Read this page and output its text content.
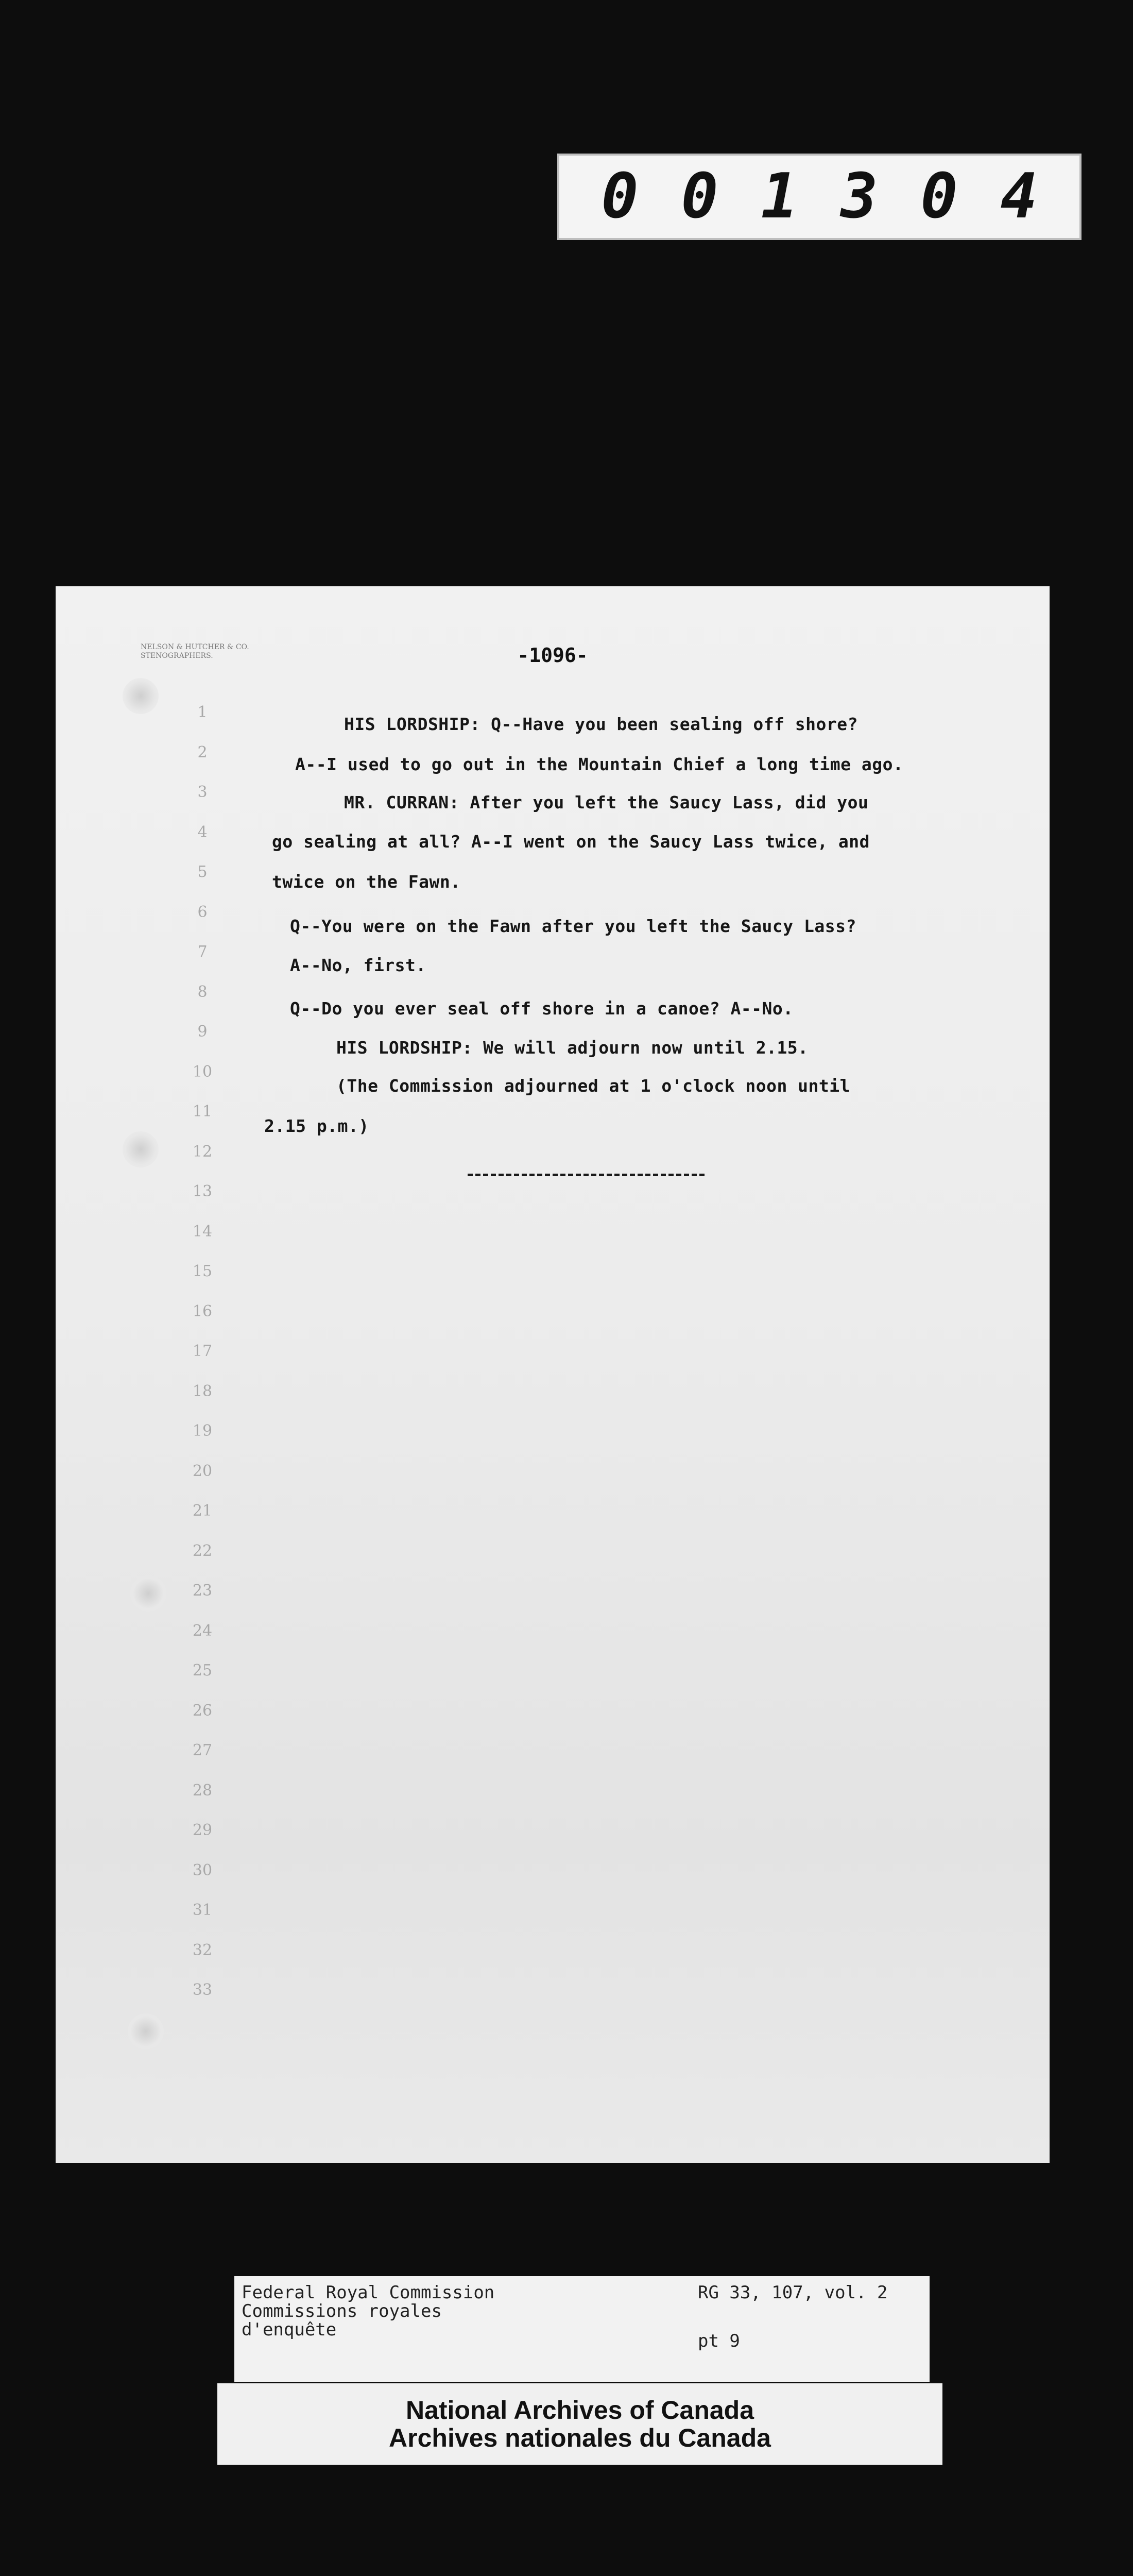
0 0 1 3 0 4
NELSON & HUTCHER & CO.
STENOGRAPHERS.	-1096-
1
2
3
4
5
6
7
8
9
10
11
12
13
14
15
16
17
18
19
20
21
22
23
24
25
26
27
28
29
30
31
32
33
HIS LORDSHIP: Q--Have you been sealing off shore?
A--I used to go out in the Mountain Chief a long time ago.
MR. CURRAN: After you left the Saucy Lass, did you
go sealing at all? A--I went on the Saucy Lass twice, and
twice on the Fawn.
Q--You were on the Fawn after you left the Saucy Lass?
A--No, first.
Q--Do you ever seal off shore in a canoe? A--No.
HIS LORDSHIP: We will adjourn now until 2.15.
(The Commission adjourned at 1 o'clock noon until
2.15 p.m.)
Federal Royal Commission
Commissions royales
d'enquête
RG 33, 107, vol. 2
pt 9
National Archives of Canada
Archives nationales du Canada
